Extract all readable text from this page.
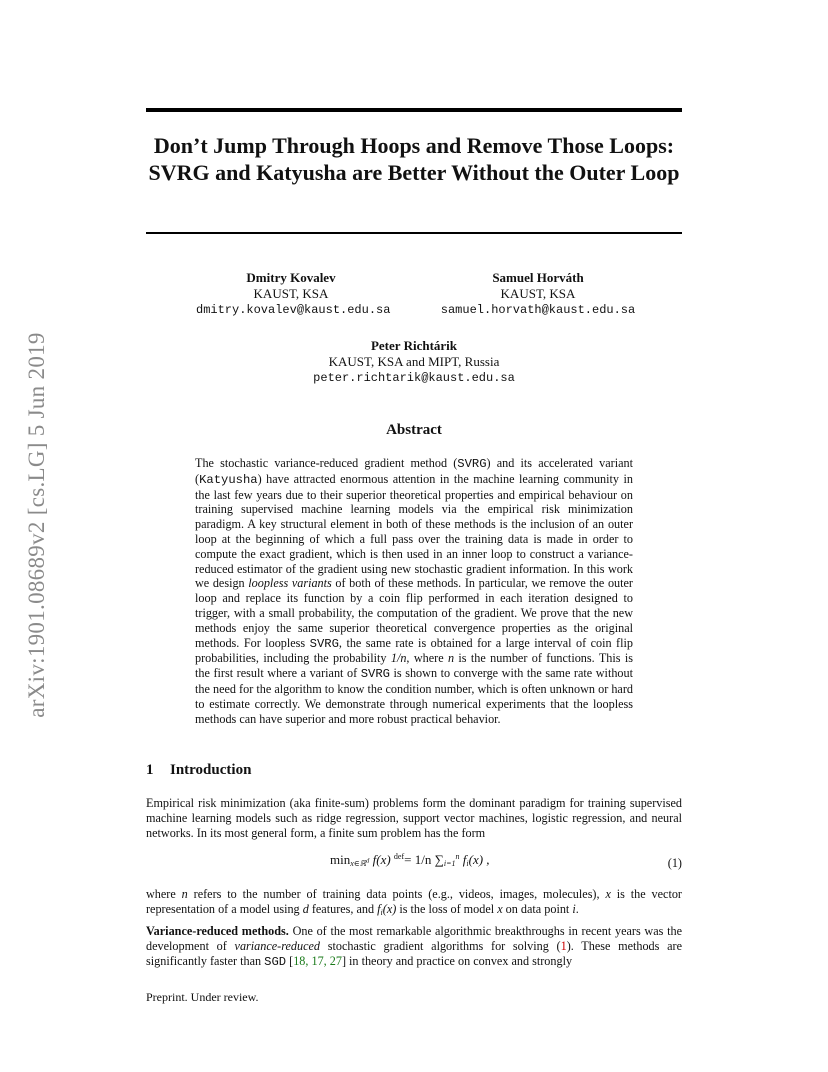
arXiv:1901.08689v2 [cs.LG] 5 Jun 2019
Don’t Jump Through Hoops and Remove Those Loops: SVRG and Katyusha are Better Without the Outer Loop
Dmitry Kovalev
KAUST, KSA
dmitry.kovalev@kaust.edu.sa
Samuel Horváth
KAUST, KSA
samuel.horvath@kaust.edu.sa
Peter Richtárik
KAUST, KSA and MIPT, Russia
peter.richtarik@kaust.edu.sa
Abstract

The stochastic variance-reduced gradient method (SVRG) and its accelerated variant (Katyusha) have attracted enormous attention in the machine learning community in the last few years due to their superior theoretical properties and empirical behaviour on training supervised machine learning models via the empirical risk minimization paradigm. A key structural element in both of these methods is the inclusion of an outer loop at the beginning of which a full pass over the training data is made in order to compute the exact gradient, which is then used in an inner loop to construct a variance-reduced estimator of the gradient using new stochastic gradient information. In this work we design loopless variants of both of these methods. In particular, we remove the outer loop and replace its function by a coin flip performed in each iteration designed to trigger, with a small probability, the computation of the gradient. We prove that the new methods enjoy the same superior theoretical convergence properties as the original methods. For loopless SVRG, the same rate is obtained for a large interval of coin flip probabilities, including the probability 1/n, where n is the number of functions. This is the first result where a variant of SVRG is shown to converge with the same rate without the need for the algorithm to know the condition number, which is often unknown or hard to estimate correctly. We demonstrate through numerical experiments that the loopless methods can have superior and more robust practical behavior.

1 Introduction

Empirical risk minimization (aka finite-sum) problems form the dominant paradigm for training supervised machine learning models such as ridge regression, support vector machines, logistic regression, and neural networks. In its most general form, a finite sum problem has the form

$\min_{x\in ℝ^d} f(x)$ $^{def}$= 1/n $\sum_{i=1}^n$ $f_i(x)$ ,	(1)

where n refers to the number of training data points (e.g., videos, images, molecules), x is the vector representation of a model using d features, and $f_i(x)$ is the loss of model x on data point i.

Variance-reduced methods. One of the most remarkable algorithmic breakthroughs in recent years was the development of variance-reduced stochastic gradient algorithms for solving (1). These methods are significantly faster than SGD [18, 17, 27] in theory and practice on convex and strongly

Preprint. Under review.
